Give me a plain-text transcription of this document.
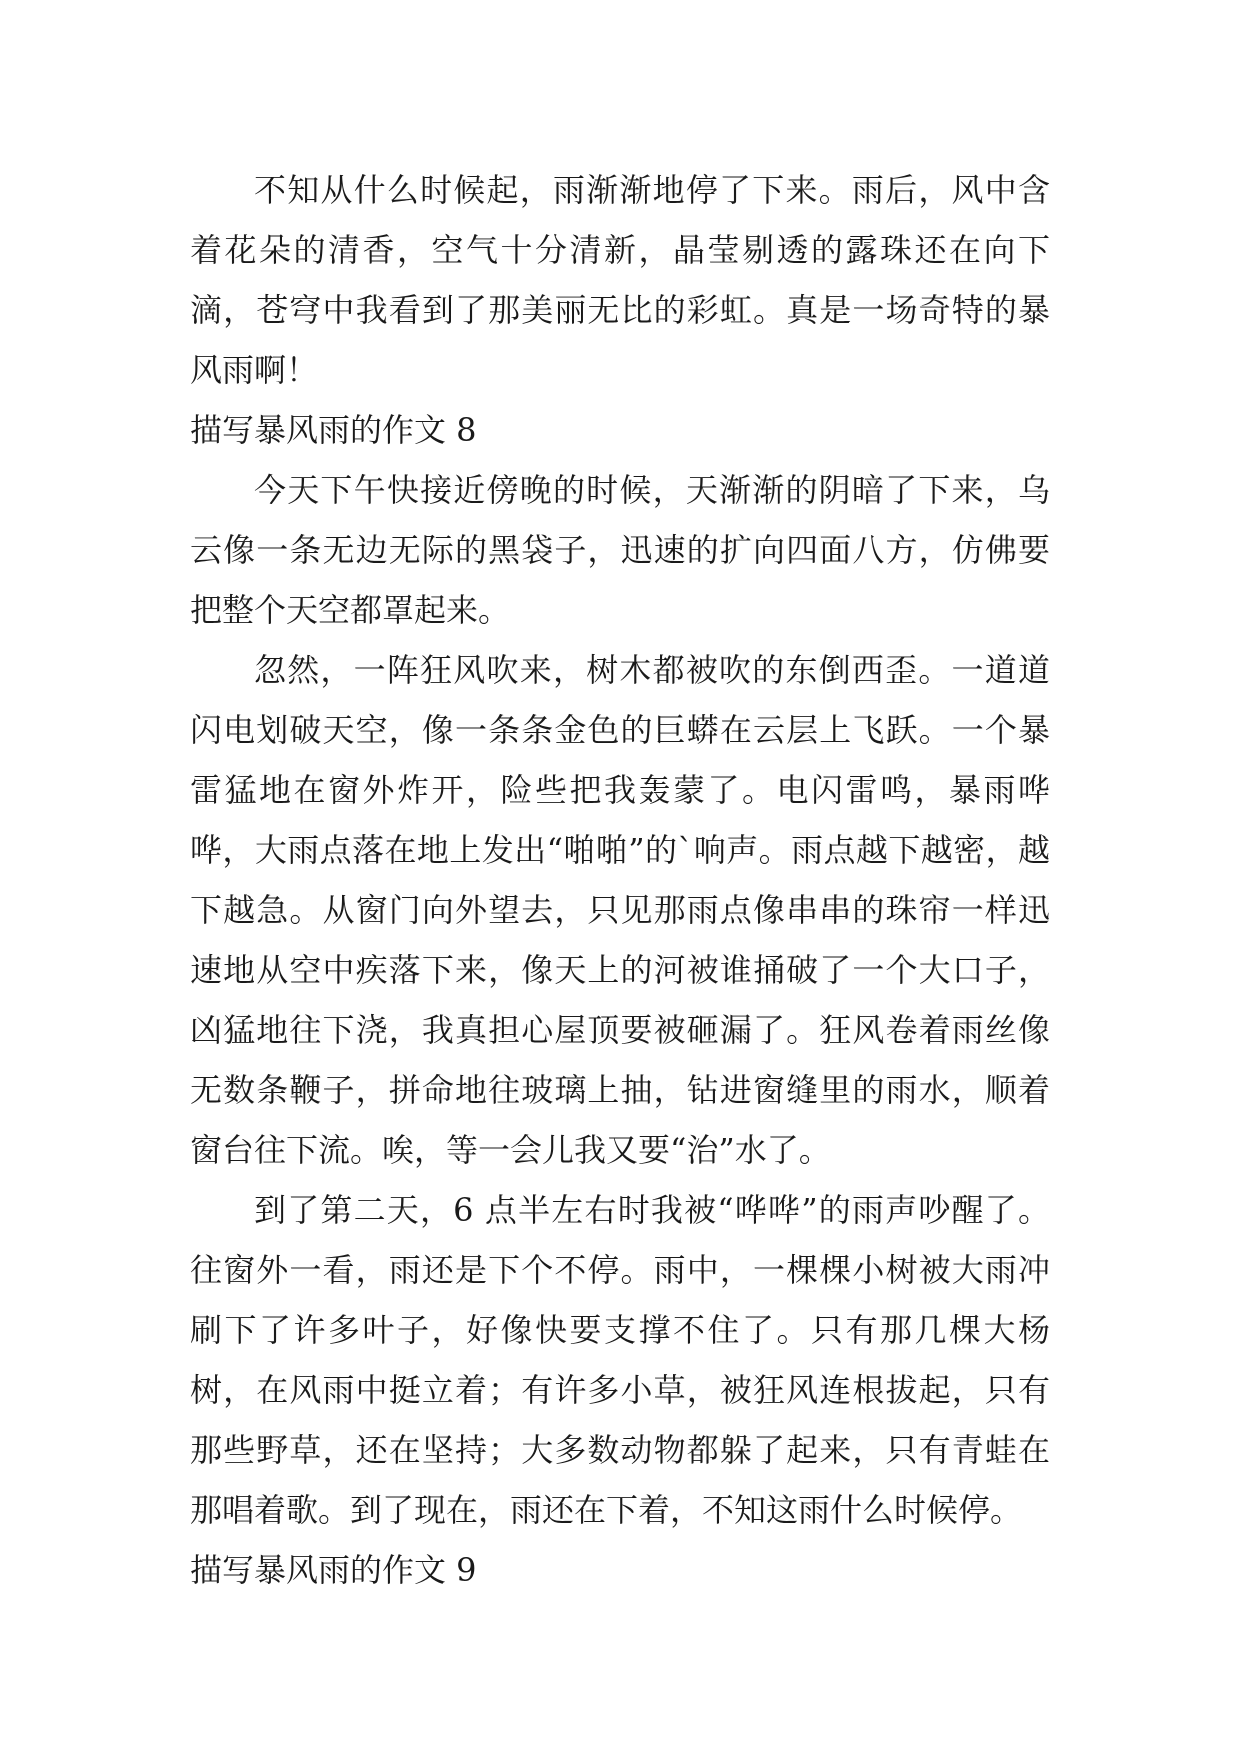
不知从什么时候起，雨渐渐地停了下来。雨后，风中含着花朵的清香，空气十分清新，晶莹剔透的露珠还在向下滴，苍穹中我看到了那美丽无比的彩虹。真是一场奇特的暴风雨啊！

描写暴风雨的作文 8

今天下午快接近傍晚的时候，天渐渐的阴暗了下来，乌云像一条无边无际的黑袋子，迅速的扩向四面八方，仿佛要把整个天空都罩起来。

忽然，一阵狂风吹来，树木都被吹的东倒西歪。一道道闪电划破天空，像一条条金色的巨蟒在云层上飞跃。一个暴雷猛地在窗外炸开，险些把我轰蒙了。电闪雷鸣，暴雨哗哗，大雨点落在地上发出“啪啪”的`响声。雨点越下越密，越下越急。从窗门向外望去，只见那雨点像串串的珠帘一样迅速地从空中疾落下来，像天上的河被谁捅破了一个大口子，凶猛地往下浇，我真担心屋顶要被砸漏了。狂风卷着雨丝像无数条鞭子，拼命地往玻璃上抽，钻进窗缝里的雨水，顺着窗台往下流。唉，等一会儿我又要“治”水了。

到了第二天，6 点半左右时我被“哗哗”的雨声吵醒了。往窗外一看，雨还是下个不停。雨中，一棵棵小树被大雨冲刷下了许多叶子，好像快要支撑不住了。只有那几棵大杨树，在风雨中挺立着；有许多小草，被狂风连根拔起，只有那些野草，还在坚持；大多数动物都躲了起来，只有青蛙在那唱着歌。到了现在，雨还在下着，不知这雨什么时候停。

描写暴风雨的作文 9
